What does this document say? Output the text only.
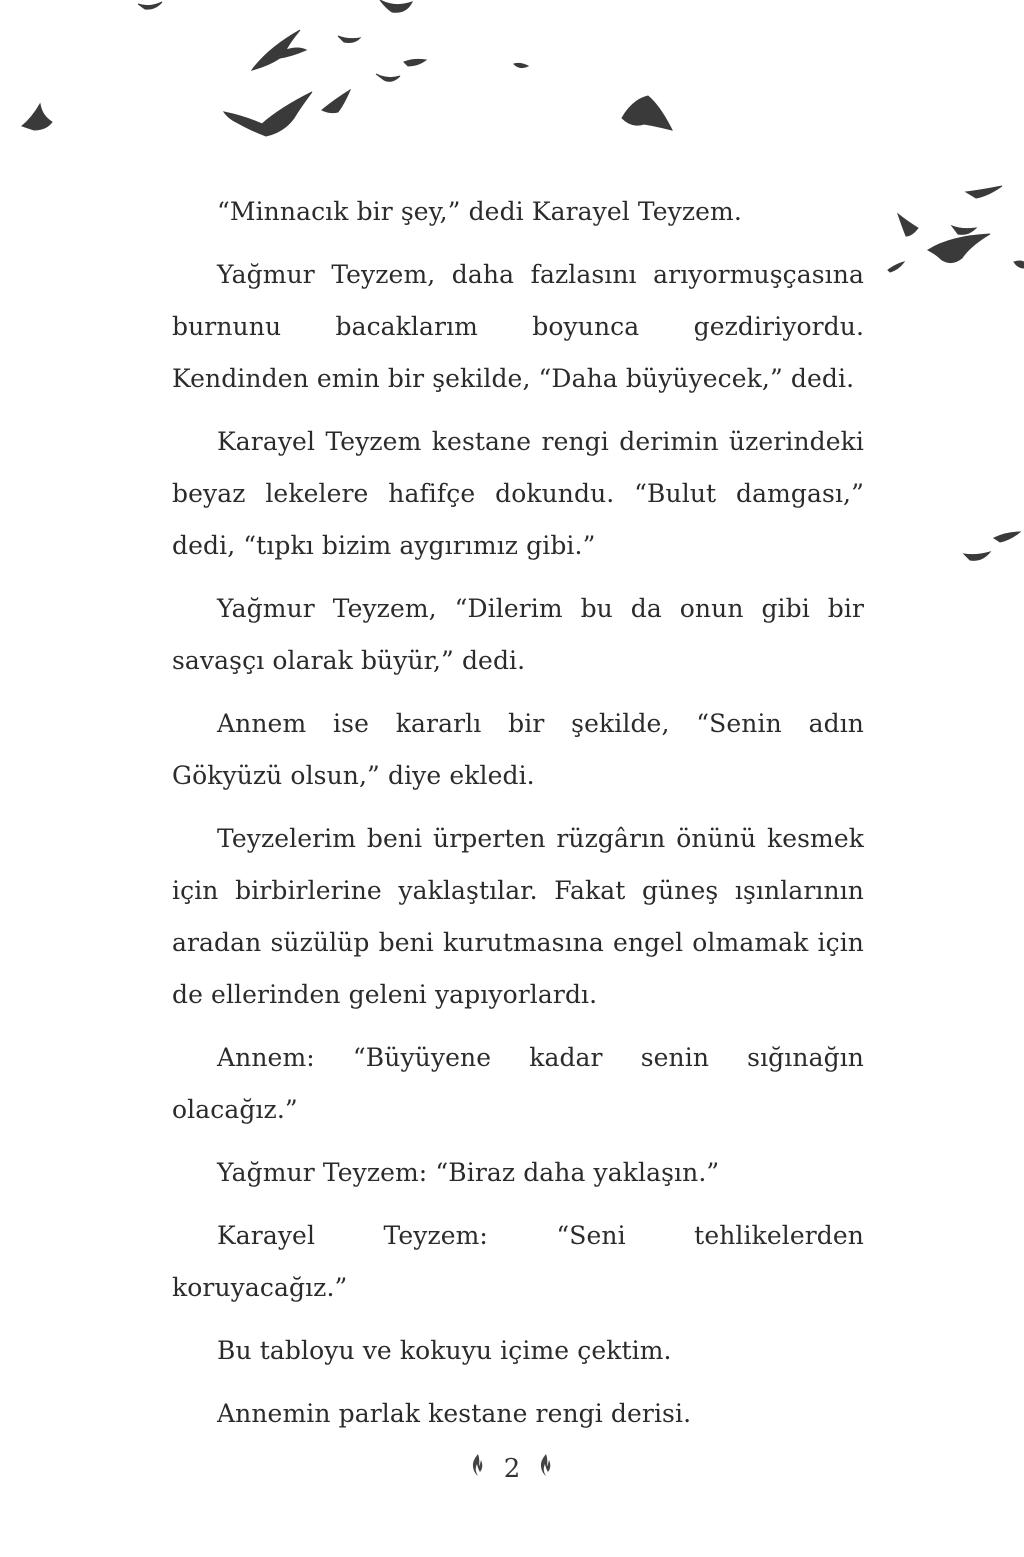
“Minnacık bir şey,” dedi Karayel Teyzem.

Yağmur Teyzem, daha fazlasını arıyormuşçasına burnunu bacaklarım boyunca gezdiriyordu. Kendinden emin bir şekilde, “Daha büyüyecek,” dedi.

Karayel Teyzem kestane rengi derimin üzerindeki beyaz lekelere hafifçe dokundu. “Bulut damgası,” dedi, “tıpkı bizim aygırımız gibi.”

Yağmur Teyzem, “Dilerim bu da onun gibi bir savaşçı olarak büyür,” dedi.

Annem ise kararlı bir şekilde, “Senin adın Gökyüzü olsun,” diye ekledi.

Teyzelerim beni ürperten rüzgârın önünü kesmek için birbirlerine yaklaştılar. Fakat güneş ışınlarının aradan süzülüp beni kurutmasına engel olmamak için de ellerinden geleni yapıyorlardı.

Annem: “Büyüyene kadar senin sığınağın olacağız.”

Yağmur Teyzem: “Biraz daha yaklaşın.”

Karayel Teyzem: “Seni tehlikelerden koruyacağız.”

Bu tabloyu ve kokuyu içime çektim.

Annemin parlak kestane rengi derisi.

2
